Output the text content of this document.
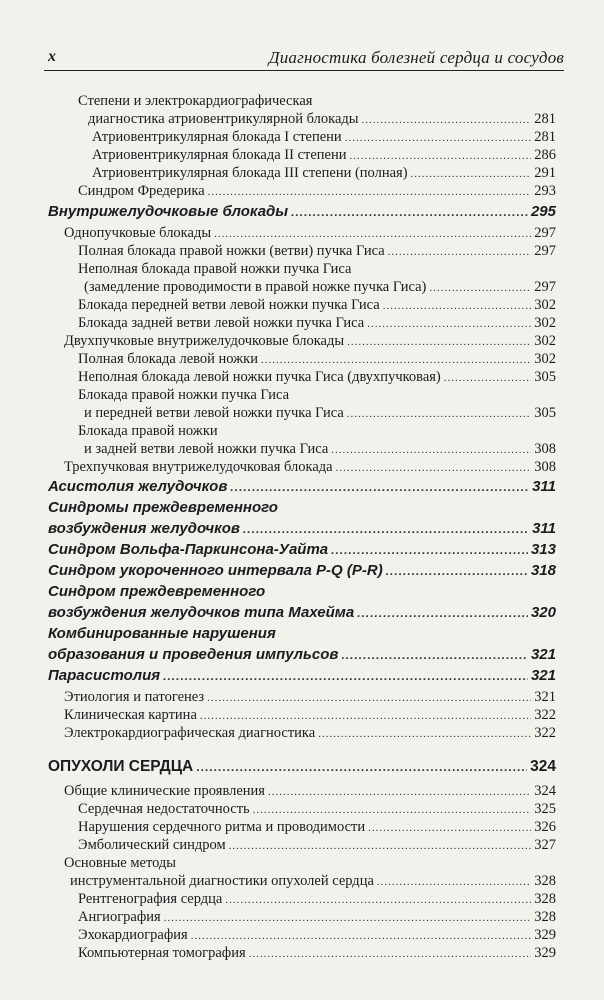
x	Диагностика болезней сердца и сосудов
Степени и электрокардиографическая
диагностика атриовентрикулярной блокады .....	281
Атриовентрикулярная блокада I степени .....	281
Атриовентрикулярная блокада II степени .....	286
Атриовентрикулярная блокада III степени (полная) .....	291
Синдром Фредерика .....	293
Внутрижелудочковые блокады .....	295
Однопучковые блокады .....	297
Полная блокада правой ножки (ветви) пучка Гиса .....	297
Неполная блокада правой ножки пучка Гиса
(замедление проводимости в правой ножке пучка Гиса) .....	297
Блокада передней ветви левой ножки пучка Гиса .....	302
Блокада задней ветви левой ножки пучка Гиса .....	302
Двухпучковые внутрижелудочковые блокады .....	302
Полная блокада левой ножки .....	302
Неполная блокада левой ножки пучка Гиса (двухпучковая) .....	305
Блокада правой ножки пучка Гиса
и передней ветви левой ножки пучка Гиса .....	305
Блокада правой ножки
и задней ветви левой ножки пучка Гиса .....	308
Трехпучковая внутрижелудочковая блокада .....	308
Асистолия желудочков .....	311
Синдромы преждевременного
возбуждения желудочков .....	311
Синдром Вольфа-Паркинсона-Уайта .....	313
Синдром укороченного интервала P-Q (P-R) .....	318
Синдром преждевременного
возбуждения желудочков типа Махейма .....	320
Комбинированные нарушения
образования и проведения импульсов .....	321
Парасистолия .....	321
Этиология и патогенез .....	321
Клиническая картина .....	322
Электрокардиографическая диагностика .....	322
ОПУХОЛИ СЕРДЦА .....	324
Общие клинические проявления .....	324
Сердечная недостаточность .....	325
Нарушения сердечного ритма и проводимости .....	326
Эмболический синдром .....	327
Основные методы
инструментальной диагностики опухолей сердца .....	328
Рентгенография сердца .....	328
Ангиография .....	328
Эхокардиография .....	329
Компьютерная томография .....	329
